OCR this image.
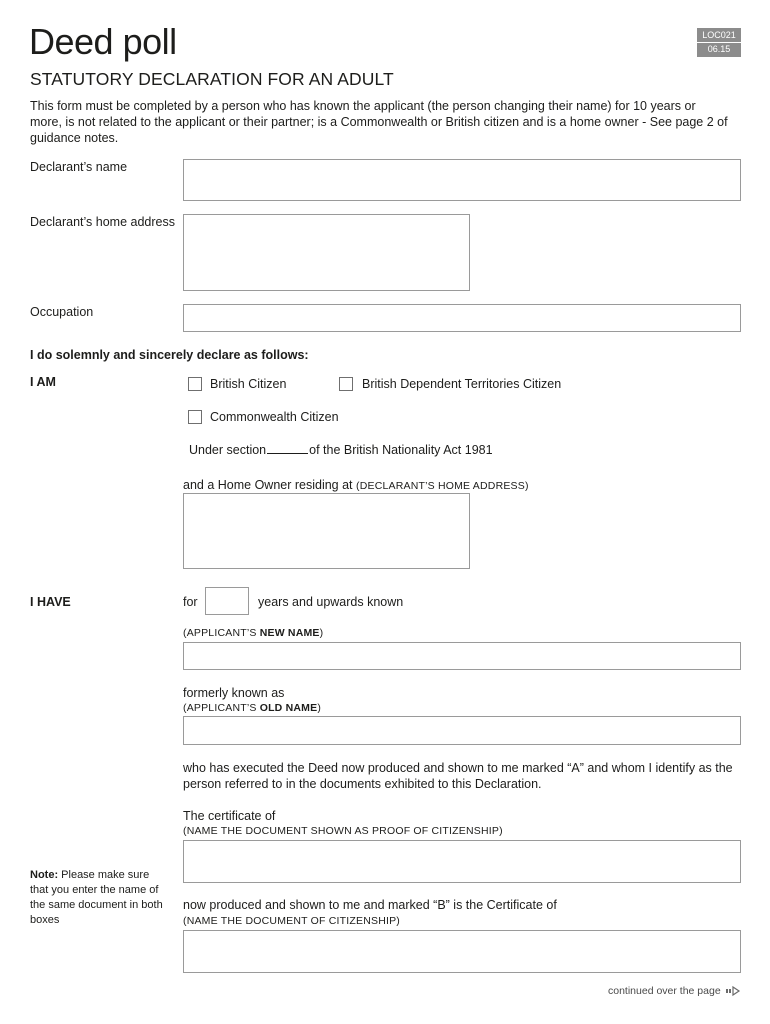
Deed poll	LOC021
06.15
STATUTORY DECLARATION FOR AN ADULT
This form must be completed by a person who has known the applicant (the person changing their name) for 10 years or more, is not related to the applicant or their partner; is a Commonwealth or British citizen and is a home owner - See page 2 of guidance notes.
Declarant’s name
Declarant’s home address
Occupation
I do solemnly and sincerely declare as follows:
I AM	British Citizen	British Dependent Territories Citizen
Commonwealth Citizen
Under section	of the British Nationality Act 1981
and a Home Owner residing at (DECLARANT’S HOME ADDRESS)
I HAVE	for	years and upwards known
(APPLICANT’S NEW NAME)
formerly known as
(APPLICANT’S OLD NAME)
who has executed the Deed now produced and shown to me marked “A” and whom I identify as the person referred to in the documents exhibited to this Declaration.
The certificate of
(NAME THE DOCUMENT SHOWN AS PROOF OF CITIZENSHIP)
Note: Please make sure that you enter the name of the same document in both boxes
now produced and shown to me and marked “B” is the Certificate of
(NAME THE DOCUMENT OF CITIZENSHIP)
continued over the page
